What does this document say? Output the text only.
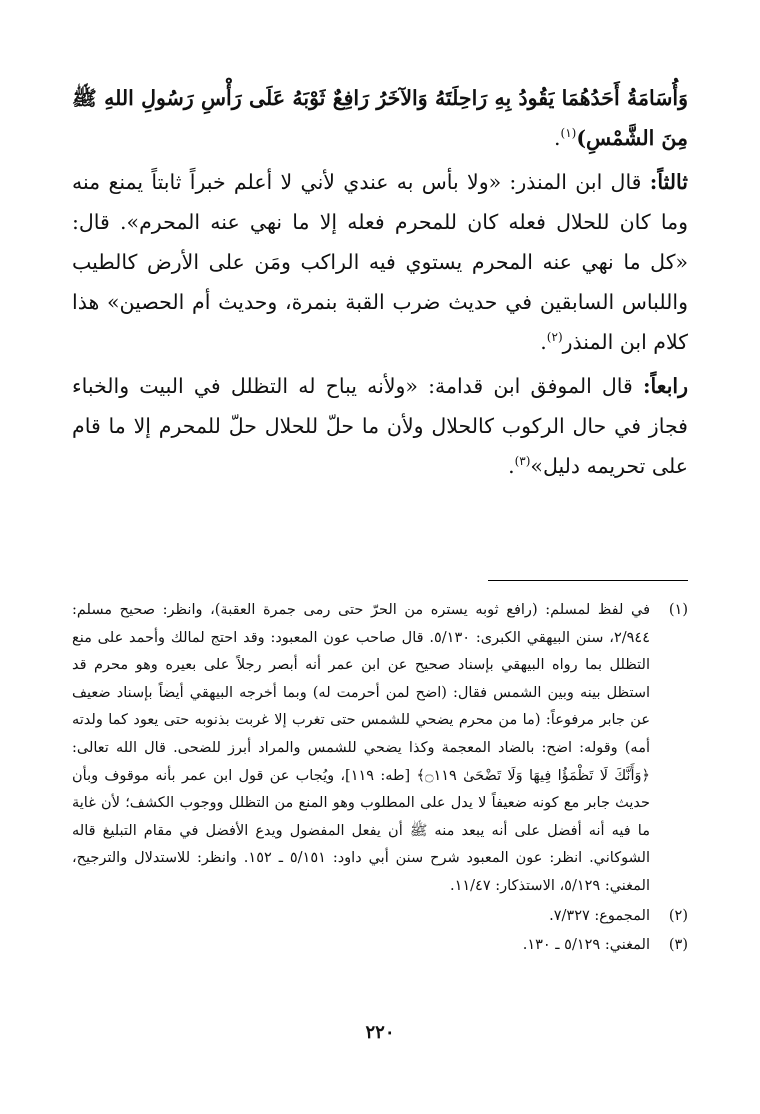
وَأُسَامَةُ أَحَدُهُمَا يَقُودُ بِهِ رَاحِلَتَهُ وَالآخَرُ رَافِعٌ ثَوْبَهُ عَلَى رَأْسِ رَسُولِ اللهِ ﷺ مِنَ الشَّمْسِ)$^{(١)}$.

ثالثاً: قال ابن المنذر: «ولا بأس به عندي لأني لا أعلم خبراً ثابتاً يمنع منه وما كان للحلال فعله كان للمحرم فعله إلا ما نهي عنه المحرم». قال: «كل ما نهي عنه المحرم يستوي فيه الراكب ومَن على الأرض كالطيب واللباس السابقين في حديث ضرب القبة بنمرة، وحديث أم الحصين» هذا كلام ابن المنذر$^{(٢)}$.

رابعاً: قال الموفق ابن قدامة: «ولأنه يباح له التظلل في البيت والخباء فجاز في حال الركوب كالحلال ولأن ما حلّ للحلال حلّ للمحرم إلا ما قام على تحريمه دليل»$^{(٣)}$.

(١)
في لفظ لمسلم: (رافع ثوبه يستره من الحرّ حتى رمى جمرة العقبة)، وانظر: صحيح مسلم: ٢/٩٤٤، سنن البيهقي الكبرى: ٥/١٣٠. قال صاحب عون المعبود: وقد احتج لمالك وأحمد على منع التظلل بما رواه البيهقي بإسناد صحيح عن ابن عمر أنه أبصر رجلاً على بعيره وهو محرم قد استظل بينه وبين الشمس فقال: (اضح لمن أحرمت له) وبما أخرجه البيهقي أيضاً بإسناد ضعيف عن جابر مرفوعاً: (ما من محرم يضحي للشمس حتى تغرب إلا غربت بذنوبه حتى يعود كما ولدته أمه) وقوله: اضح: بالضاد المعجمة وكذا يضحي للشمس والمراد أبرز للضحى. قال الله تعالى: ﴿وَأَنَّكَ لَا تَظْمَؤُا فِيهَا وَلَا تَضْحَىٰ ۝١١٩﴾ [طه: ١١٩]، ويُجاب عن قول ابن عمر بأنه موقوف وبأن حديث جابر مع كونه ضعيفاً لا يدل على المطلوب وهو المنع من التظلل ووجوب الكشف؛ لأن غاية ما فيه أنه أفضل على أنه يبعد منه ﷺ أن يفعل المفضول ويدع الأفضل في مقام التبليغ قاله الشوكاني. انظر: عون المعبود شرح سنن أبي داود: ٥/١٥١ ـ ١٥٢. وانظر: للاستدلال والترجيح، المغني: ٥/١٢٩، الاستذكار: ١١/٤٧.
(٢)
المجموع: ٧/٣٢٧.
(٣)
المغني: ٥/١٢٩ ـ ١٣٠.
٢٢٠
